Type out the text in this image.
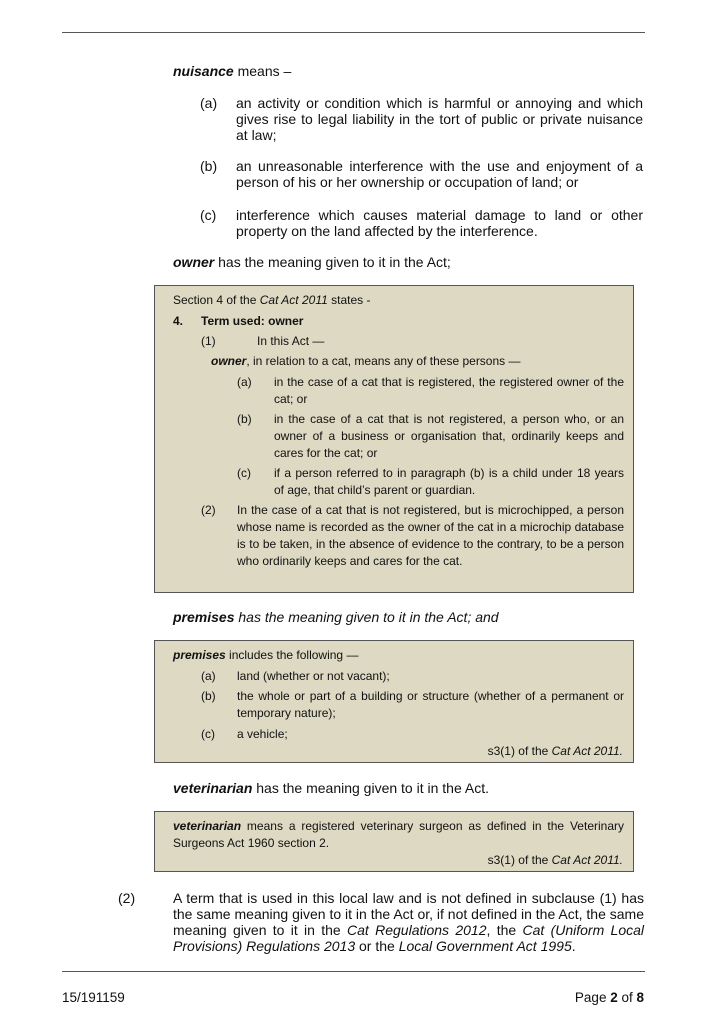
nuisance means –
(a) an activity or condition which is harmful or annoying and which gives rise to legal liability in the tort of public or private nuisance at law;
(b) an unreasonable interference with the use and enjoyment of a person of his or her ownership or occupation of land; or
(c) interference which causes material damage to land or other property on the land affected by the interference.
owner has the meaning given to it in the Act;
Section 4 of the Cat Act 2011 states -
4. Term used: owner
(1)	In this Act —
owner, in relation to a cat, means any of these persons —
(a) in the case of a cat that is registered, the registered owner of the cat; or
(b) in the case of a cat that is not registered, a person who, or an owner of a business or organisation that, ordinarily keeps and cares for the cat; or
(c) if a person referred to in paragraph (b) is a child under 18 years of age, that child’s parent or guardian.
(2) In the case of a cat that is not registered, but is microchipped, a person whose name is recorded as the owner of the cat in a microchip database is to be taken, in the absence of evidence to the contrary, to be a person who ordinarily keeps and cares for the cat.
premises has the meaning given to it in the Act; and
premises includes the following —
(a) land (whether or not vacant);
(b) the whole or part of a building or structure (whether of a permanent or temporary nature);
(c) a vehicle;
s3(1) of the Cat Act 2011.
veterinarian has the meaning given to it in the Act.
veterinarian means a registered veterinary surgeon as defined in the Veterinary Surgeons Act 1960 section 2.
s3(1) of the Cat Act 2011.
(2)	A term that is used in this local law and is not defined in subclause (1) has the same meaning given to it in the Act or, if not defined in the Act, the same meaning given to it in the Cat Regulations 2012, the Cat (Uniform Local Provisions) Regulations 2013 or the Local Government Act 1995.
15/191159	Page 2 of 8
